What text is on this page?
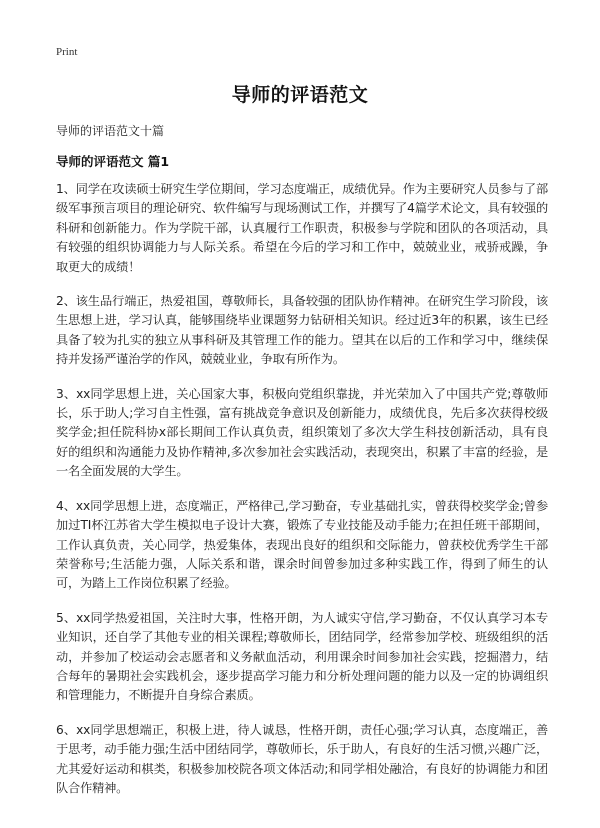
Print
导师的评语范文
导师的评语范文十篇
导师的评语范文 篇1

1、同学在攻读硕士研究生学位期间，学习态度端正，成绩优异。作为主要研究人员参与了部级军事预言项目的理论研究、软件编写与现场测试工作，并撰写了4篇学术论文，具有较强的科研和创新能力。作为学院干部，认真履行工作职责，积极参与学院和团队的各项活动，具有较强的组织协调能力与人际关系。希望在今后的学习和工作中，兢兢业业，戒骄戒躁，争取更大的成绩！

2、该生品行端正，热爱祖国，尊敬师长，具备较强的团队协作精神。在研究生学习阶段，该生思想上进，学习认真，能够围绕毕业课题努力钻研相关知识。经过近3年的积累，该生已经具备了较为扎实的独立从事科研及其管理工作的能力。望其在以后的工作和学习中，继续保持并发扬严谨治学的作风，兢兢业业，争取有所作为。

3、xx同学思想上进，关心国家大事，积极向党组织靠拢，并光荣加入了中国共产党;尊敬师长，乐于助人;学习自主性强，富有挑战竞争意识及创新能力，成绩优良，先后多次获得校级奖学金;担任院科协x部长期间工作认真负责，组织策划了多次大学生科技创新活动，具有良好的组织和沟通能力及协作精神,多次参加社会实践活动，表现突出，积累了丰富的经验，是一名全面发展的大学生。

4、xx同学思想上进，态度端正，严格律己,学习勤奋，专业基础扎实，曾获得校奖学金;曾参加过TI杯江苏省大学生模拟电子设计大赛，锻炼了专业技能及动手能力;在担任班干部期间，工作认真负责，关心同学，热爱集体，表现出良好的组织和交际能力，曾获校优秀学生干部荣誉称号;生活能力强，人际关系和谐，课余时间曾参加过多种实践工作，得到了师生的认可，为踏上工作岗位积累了经验。

5、xx同学热爱祖国，关注时大事，性格开朗，为人诚实守信,学习勤奋，不仅认真学习本专业知识，还自学了其他专业的相关课程;尊敬师长，团结同学，经常参加学校、班级组织的活动，并参加了校运动会志愿者和义务献血活动，利用课余时间参加社会实践，挖掘潜力，结合每年的暑期社会实践机会，逐步提高学习能力和分析处理问题的能力以及一定的协调组织和管理能力，不断提升自身综合素质。

6、xx同学思想端正，积极上进，待人诚恳，性格开朗，责任心强;学习认真，态度端正，善于思考，动手能力强;生活中团结同学，尊敬师长，乐于助人，有良好的生活习惯,兴趣广泛，尤其爱好运动和棋类，积极参加校院各项文体活动;和同学相处融洽，有良好的协调能力和团队合作精神。
